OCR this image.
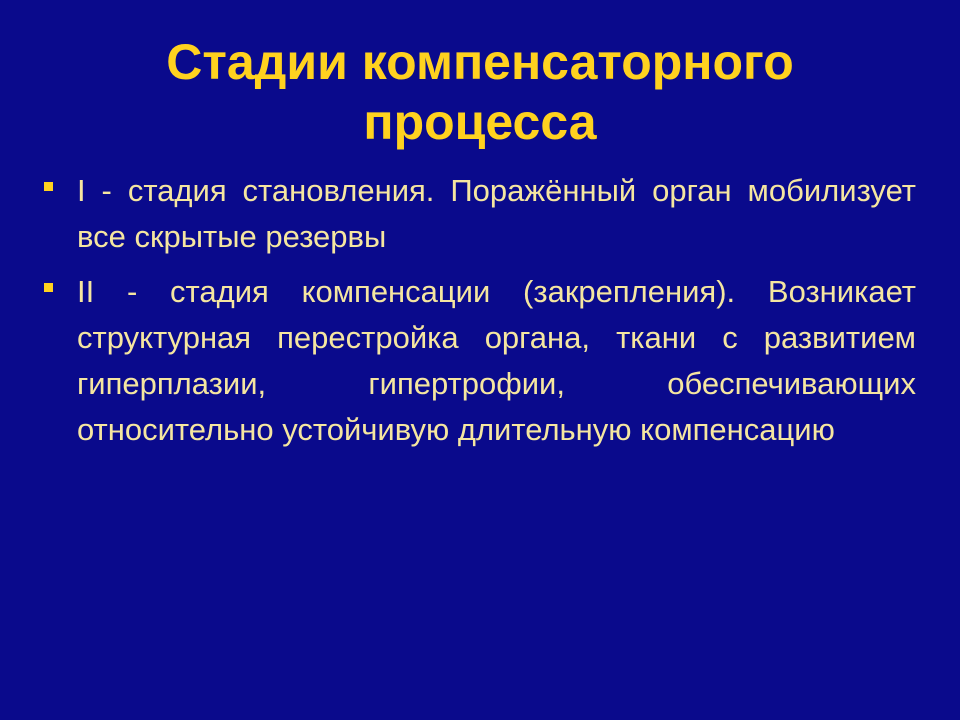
Стадии компенсаторного процесса
I - стадия становления. Поражённый орган мобилизует все скрытые резервы
II - стадия компенсации (закрепления). Возникает структурная перестройка органа, ткани с развитием гиперплазии, гипертрофии, обеспечивающих относительно устойчивую длительную компенсацию
